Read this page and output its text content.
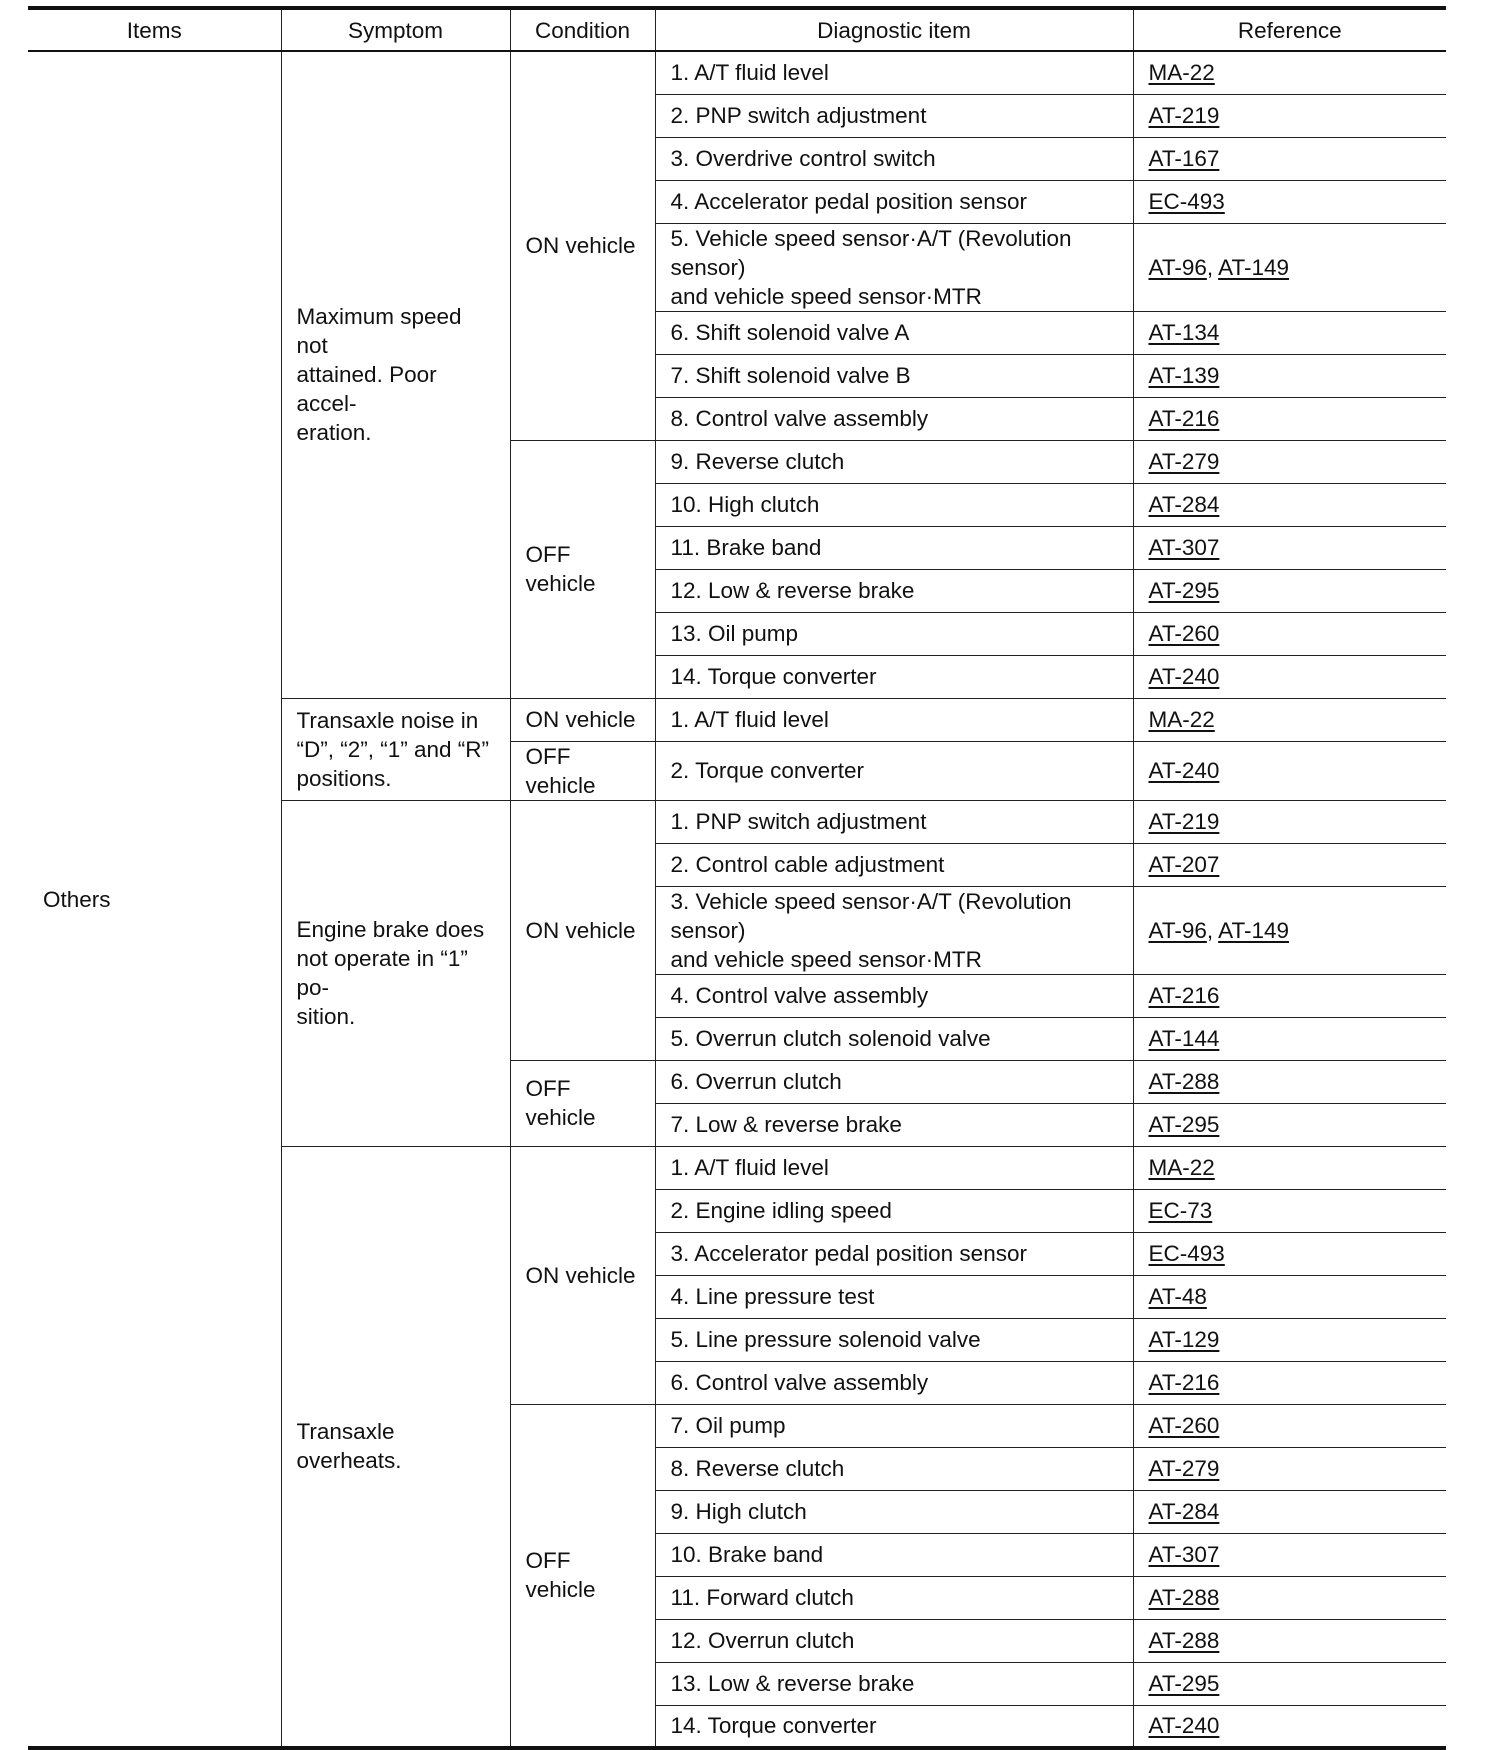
Items	Symptom	Condition	Diagnostic item	Reference
Others	Maximum speed not
attained. Poor accel-
eration.	ON vehicle	1. A/T fluid level	MA-22

			2. PNP switch adjustment	AT-219

			3. Overdrive control switch	AT-167

			4. Accelerator pedal position sensor	EC-493

			5. Vehicle speed sensor·A/T (Revolution sensor)
and vehicle speed sensor·MTR	AT-96, AT-149

			6. Shift solenoid valve A	AT-134

			7. Shift solenoid valve B	AT-139

			8. Control valve assembly	AT-216
		OFF vehicle	9. Reverse clutch	AT-279

			10. High clutch	AT-284

			11. Brake band	AT-307

			12. Low & reverse brake	AT-295

			13. Oil pump	AT-260

			14. Torque converter	AT-240
	Transaxle noise in
“D”, “2”, “1” and “R”
positions.	ON vehicle	1. A/T fluid level	MA-22
		OFF vehicle	2. Torque converter	AT-240
	Engine brake does
not operate in “1” po-
sition.	ON vehicle	1. PNP switch adjustment	AT-219

			2. Control cable adjustment	AT-207

			3. Vehicle speed sensor·A/T (Revolution sensor)
and vehicle speed sensor·MTR	AT-96, AT-149

			4. Control valve assembly	AT-216

			5. Overrun clutch solenoid valve	AT-144
		OFF vehicle	6. Overrun clutch	AT-288

			7. Low & reverse brake	AT-295
	Transaxle overheats.	ON vehicle	1. A/T fluid level	MA-22

			2. Engine idling speed	EC-73

			3. Accelerator pedal position sensor	EC-493

			4. Line pressure test	AT-48

			5. Line pressure solenoid valve	AT-129

			6. Control valve assembly	AT-216
		OFF vehicle	7. Oil pump	AT-260

			8. Reverse clutch	AT-279

			9. High clutch	AT-284

			10. Brake band	AT-307

			11. Forward clutch	AT-288

			12. Overrun clutch	AT-288

			13. Low & reverse brake	AT-295

			14. Torque converter	AT-240
